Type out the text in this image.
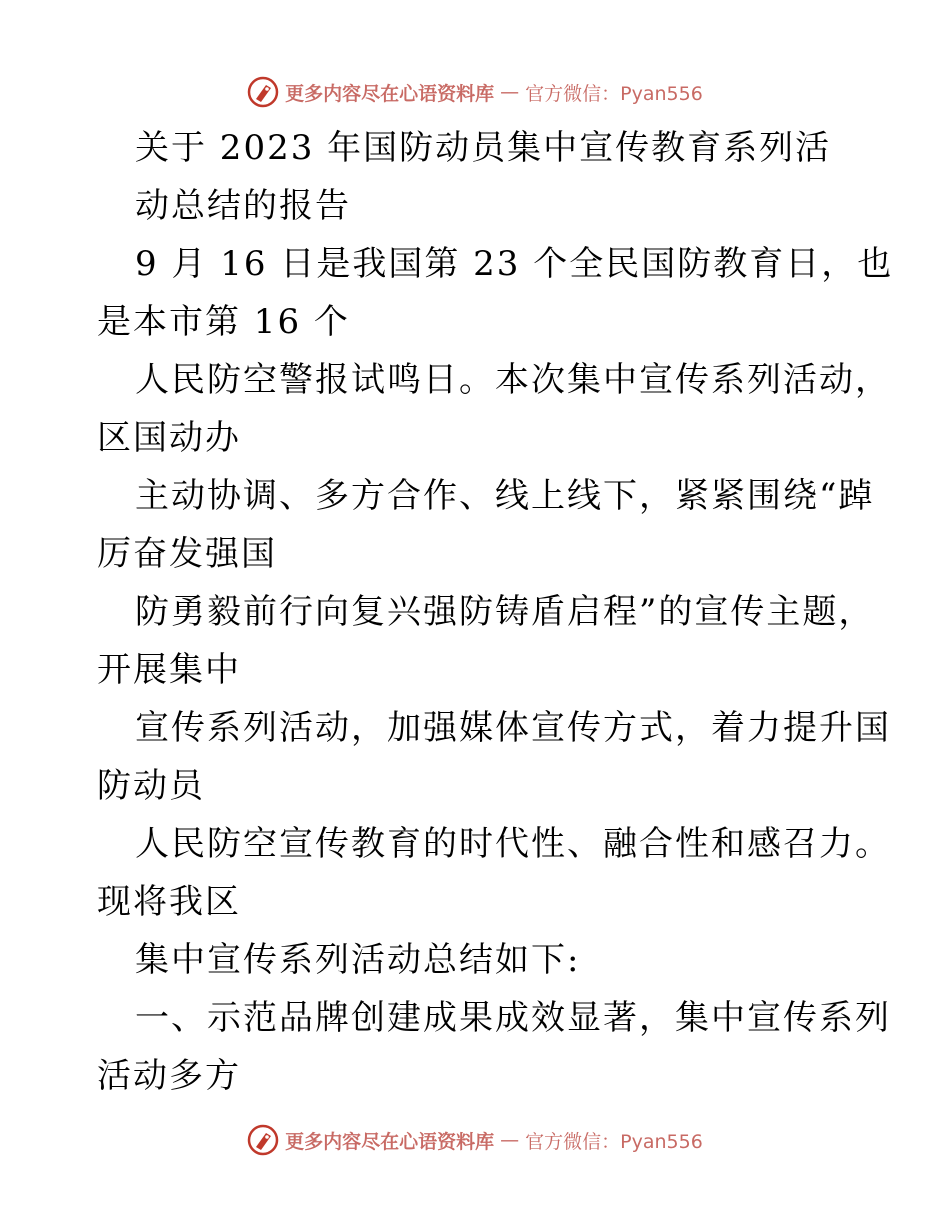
更多内容尽在心语资料库 — 官方微信：Pyan556
关于 2023 年国防动员集中宣传教育系列活
动总结的报告
9 月 16 日是我国第 23 个全民国防教育日，也
是本市第 16 个
人民防空警报试鸣日。本次集中宣传系列活动，
区国动办
主动协调、多方合作、线上线下，紧紧围绕“踔
厉奋发强国
防勇毅前行向复兴强防铸盾启程”的宣传主题，
开展集中
宣传系列活动，加强媒体宣传方式，着力提升国
防动员
人民防空宣传教育的时代性、融合性和感召力。
现将我区
集中宣传系列活动总结如下:
一、示范品牌创建成果成效显著，集中宣传系列
活动多方
更多内容尽在心语资料库 — 官方微信：Pyan556
